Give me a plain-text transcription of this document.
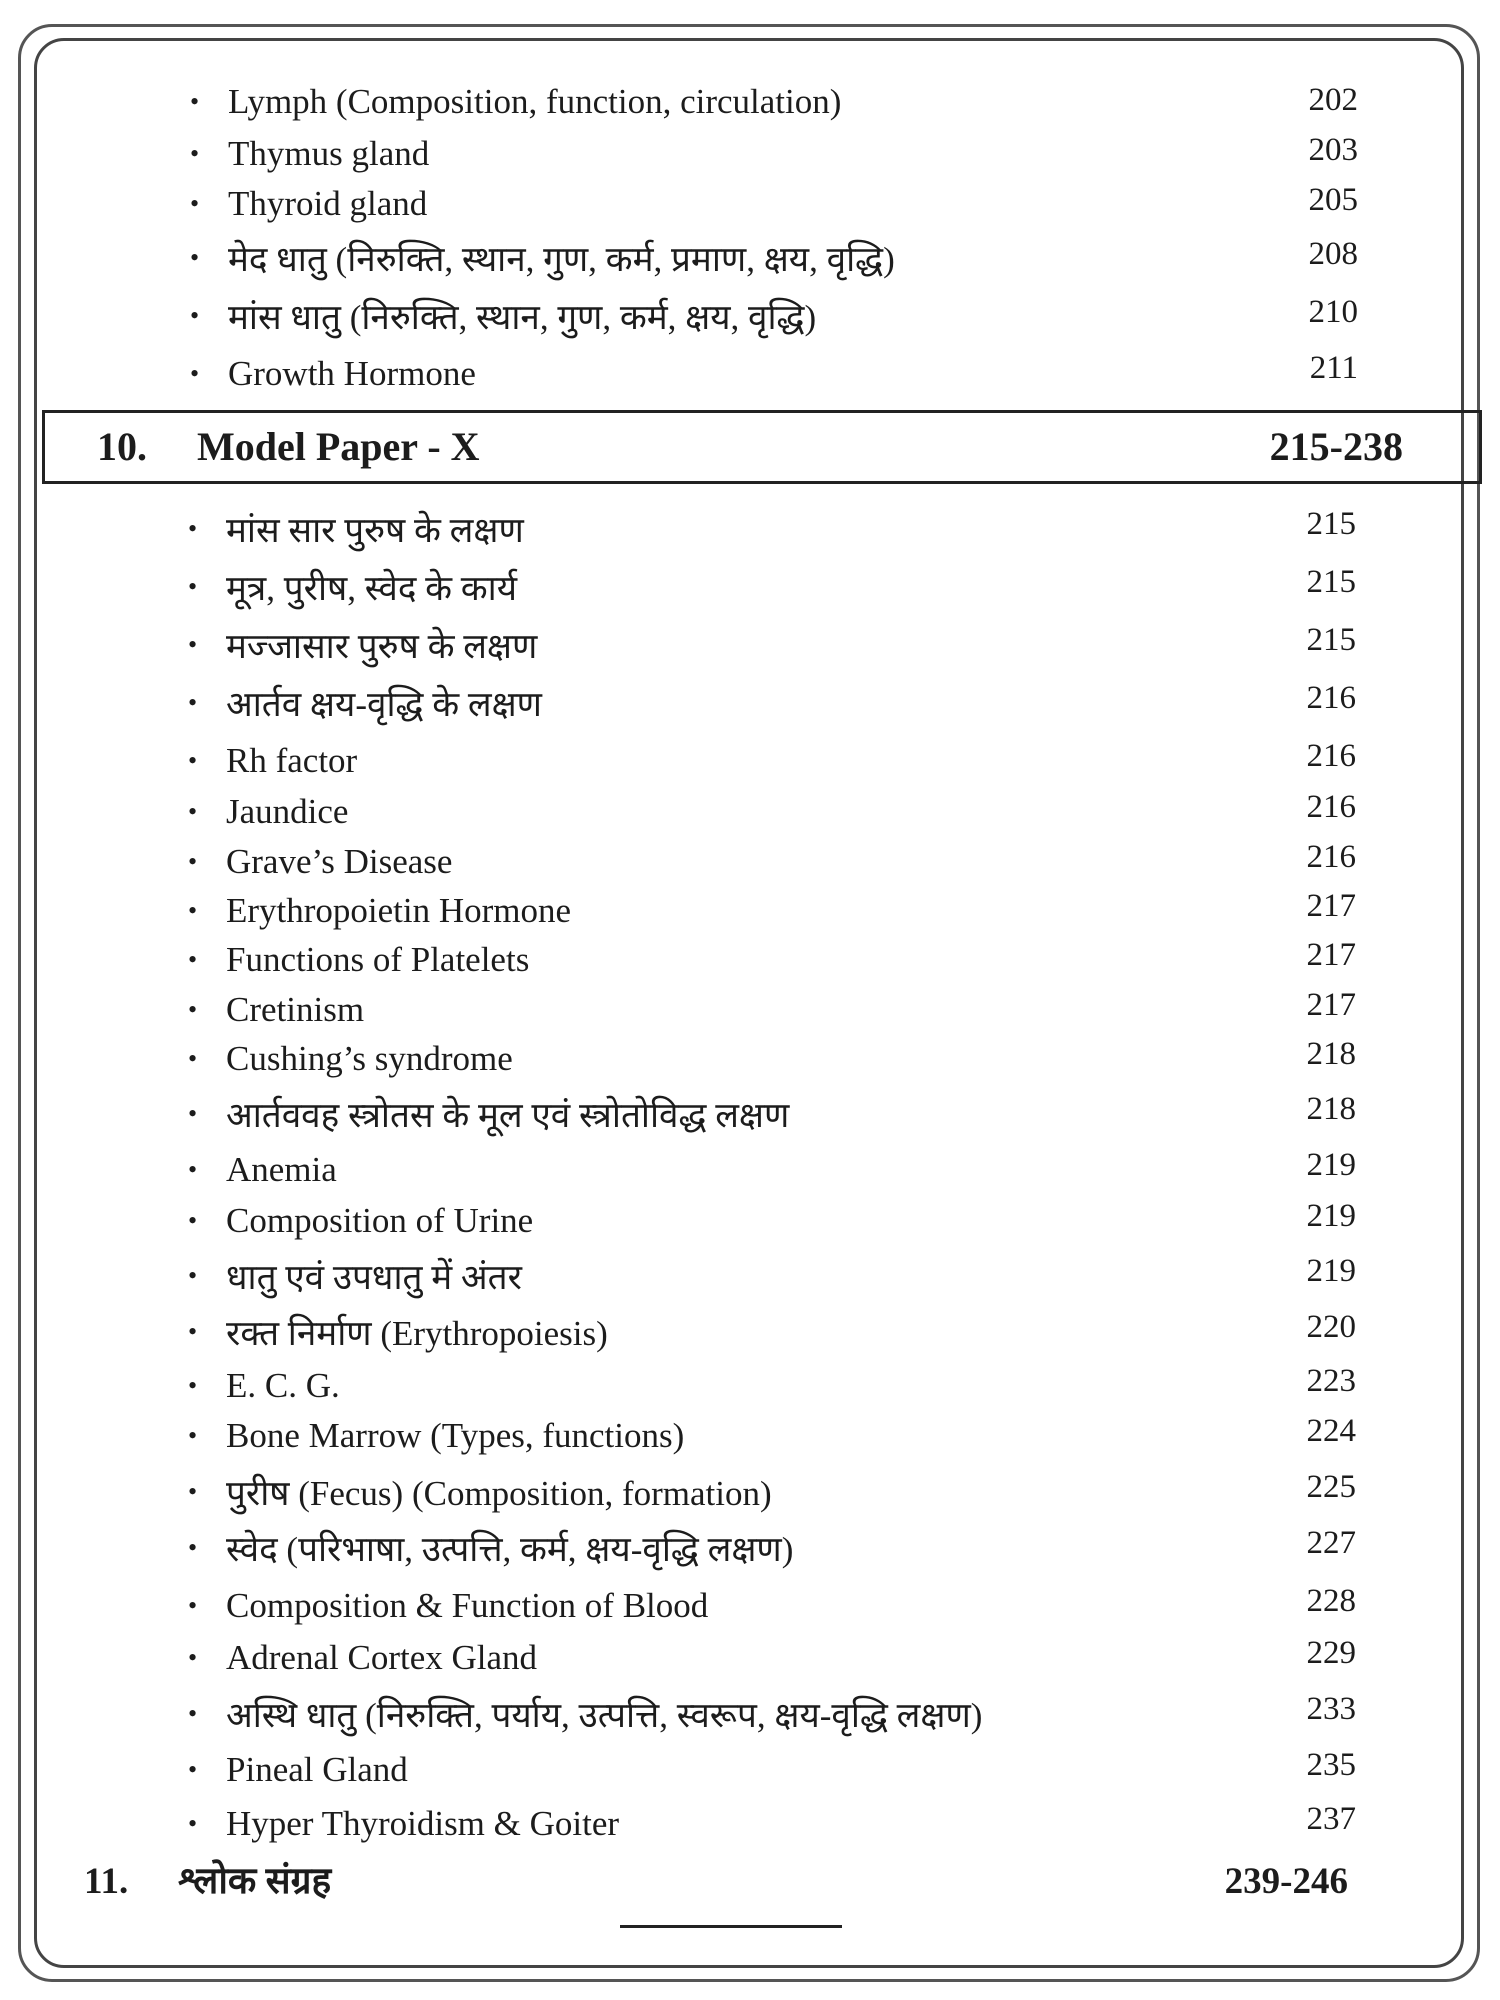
• Lymph (Composition, function, circulation)	202
• Thymus gland	203
• Thyroid gland	205
• मेद धातु (निरुक्ति, स्थान, गुण, कर्म, प्रमाण, क्षय, वृद्धि)	208
• मांस धातु (निरुक्ति, स्थान, गुण, कर्म, क्षय, वृद्धि)	210
• Growth Hormone	211
10. Model Paper - X	215-238
• मांस सार पुरुष के लक्षण	215
• मूत्र, पुरीष, स्वेद के कार्य	215
• मज्जासार पुरुष के लक्षण	215
• आर्तव क्षय-वृद्धि के लक्षण	216
• Rh factor	216
• Jaundice	216
• Grave’s Disease	216
• Erythropoietin Hormone	217
• Functions of Platelets	217
• Cretinism	217
• Cushing’s syndrome	218
• आर्तववह स्त्रोतस के मूल एवं स्त्रोतोविद्ध लक्षण	218
• Anemia	219
• Composition of Urine	219
• धातु एवं उपधातु में अंतर	219
• रक्त निर्माण (Erythropoiesis)	220
• E. C. G.	223
• Bone Marrow (Types, functions)	224
• पुरीष (Fecus) (Composition, formation)	225
• स्वेद (परिभाषा, उत्पत्ति, कर्म, क्षय-वृद्धि लक्षण)	227
• Composition & Function of Blood	228
• Adrenal Cortex Gland	229
• अस्थि धातु (निरुक्ति, पर्याय, उत्पत्ति, स्वरूप, क्षय-वृद्धि लक्षण)	233
• Pineal Gland	235
• Hyper Thyroidism & Goiter	237
11. श्लोक संग्रह	239-246
